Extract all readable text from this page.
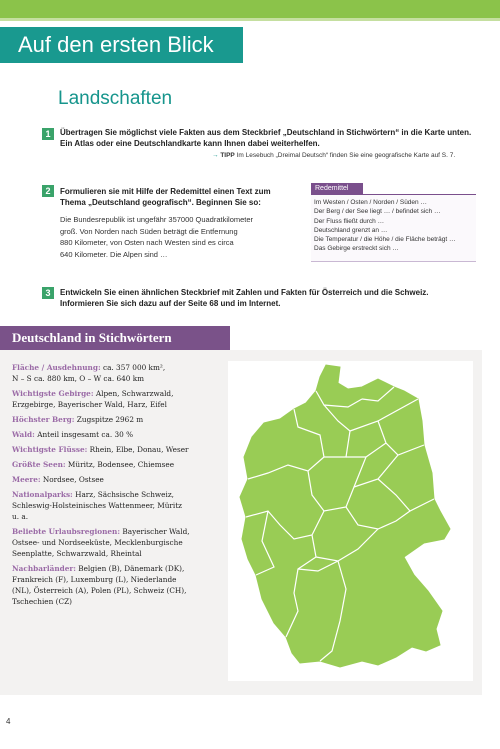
Auf den ersten Blick
Landschaften
1	Übertragen Sie möglichst viele Fakten aus dem Steckbrief „Deutschland in Stichwörtern“ in die Karte unten.
Ein Atlas oder eine Deutschlandkarte kann Ihnen dabei weiterhelfen.
→ TIPP Im Lesebuch „Dreimal Deutsch“ finden Sie eine geografische Karte auf S. 7.
2	Formulieren sie mit Hilfe der Redemittel einen Text zum
Thema „Deutschland geografisch“. Beginnen Sie so:
Die Bundesrepublik ist ungefähr 357000 Quadratkilometer
groß. Von Norden nach Süden beträgt die Entfernung
880 Kilometer, von Osten nach Westen sind es circa
640 Kilometer. Die Alpen sind …
Redemittel
Im Westen / Osten / Norden / Süden …
Der Berg / der See liegt … / befindet sich …
Der Fluss fließt durch …
Deutschland grenzt an …
Die Temperatur / die Höhe / die Fläche beträgt …
Das Gebirge erstreckt sich …
3	Entwickeln Sie einen ähnlichen Steckbrief mit Zahlen und Fakten für Österreich und die Schweiz.
Informieren Sie sich dazu auf der Seite 68 und im Internet.
Deutschland in Stichwörtern
Fläche / Ausdehnung: ca. 357 000 km²,
N – S ca. 880 km, O – W ca. 640 km
Wichtigste Gebirge: Alpen, Schwarzwald,
Erzgebirge, Bayerischer Wald, Harz, Eifel
Höchster Berg: Zugspitze 2962 m
Wald: Anteil insgesamt ca. 30 %
Wichtigste Flüsse: Rhein, Elbe, Donau, Weser
Größte Seen: Müritz, Bodensee, Chiemsee
Meere: Nordsee, Ostsee
Nationalparks: Harz, Sächsische Schweiz,
Schleswig-Holsteinisches Wattenmeer, Müritz
u. a.
Beliebte Urlaubsregionen: Bayerischer Wald,
Ostsee- und Nordseeküste, Mecklenburgische
Seenplatte, Schwarzwald, Rheintal
Nachbarländer: Belgien (B), Dänemark (DK),
Frankreich (F), Luxemburg (L), Niederlande
(NL), Österreich (A), Polen (PL), Schweiz (CH),
Tschechien (CZ)
4
